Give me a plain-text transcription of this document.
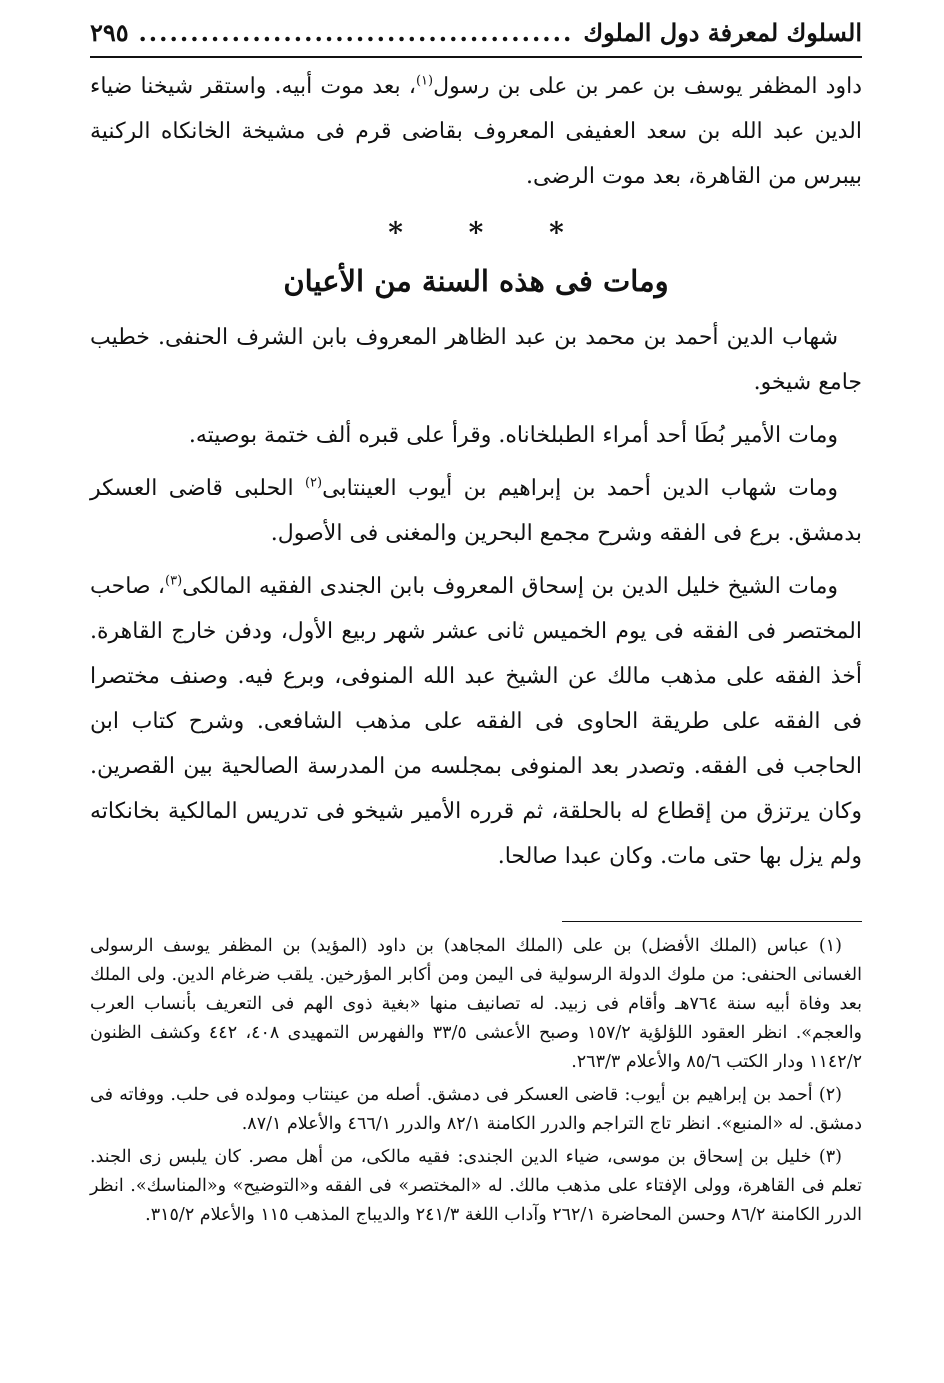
السلوك لمعرفة دول الملوك
.....
٢٩٥

داود المظفر يوسف بن عمر بن على بن رسول$^{(١)}$، بعد موت أبيه. واستقر شيخنا ضياء الدين عبد الله بن سعد العفيفى المعروف بقاضى قرم فى مشيخة الخانكاه الركنية بيبرس من القاهرة، بعد موت الرضى.

* * *
ومات فى هذه السنة من الأعيان

شهاب الدين أحمد بن محمد بن عبد الظاهر المعروف بابن الشرف الحنفى. خطيب جامع شيخو.

ومات الأمير بُطَا أحد أمراء الطبلخاناه. وقرأ على قبره ألف ختمة بوصيته.

ومات شهاب الدين أحمد بن إبراهيم بن أيوب العينتابى$^{(٢)}$ الحلبى قاضى العسكر بدمشق. برع فى الفقه وشرح مجمع البحرين والمغنى فى الأصول.

ومات الشيخ خليل الدين بن إسحاق المعروف بابن الجندى الفقيه المالكى$^{(٣)}$، صاحب المختصر فى الفقه فى يوم الخميس ثانى عشر شهر ربيع الأول، ودفن خارج القاهرة. أخذ الفقه على مذهب مالك عن الشيخ عبد الله المنوفى، وبرع فيه. وصنف مختصرا فى الفقه على طريقة الحاوى فى الفقه على مذهب الشافعى. وشرح كتاب ابن الحاجب فى الفقه. وتصدر بعد المنوفى بمجلسه من المدرسة الصالحية بين القصرين. وكان يرتزق من إقطاع له بالحلقة، ثم قرره الأمير شيخو فى تدريس المالكية بخانكاته ولم يزل بها حتى مات. وكان عبدا صالحا.

(١) عباس (الملك الأفضل) بن على (الملك المجاهد) بن داود (المؤيد) بن المظفر يوسف الرسولى الغسانى الحنفى: من ملوك الدولة الرسولية فى اليمن ومن أكابر المؤرخين. يلقب ضرغام الدين. ولى الملك بعد وفاة أبيه سنة ٧٦٤هـ وأقام فى زبيد. له تصانيف منها «بغية ذوى الهم فى التعريف بأنساب العرب والعجم». انظر العقود اللؤلؤية ١٥٧/٢ وصبح الأعشى ٣٣/٥ والفهرس التمهيدى ٤٠٨، ٤٤٢ وكشف الظنون ١١٤٢/٢ ودار الكتب ٨٥/٦ والأعلام ٢٦٣/٣.

(٢) أحمد بن إبراهيم بن أيوب: قاضى العسكر فى دمشق. أصله من عينتاب ومولده فى حلب. ووفاته فى دمشق. له «المنبع». انظر تاج التراجم والدرر الكامنة ٨٢/١ والدرر ٤٦٦/١ والأعلام ٨٧/١.

(٣) خليل بن إسحاق بن موسى، ضياء الدين الجندى: فقيه مالكى، من أهل مصر. كان يلبس زى الجند. تعلم فى القاهرة، وولى الإفتاء على مذهب مالك. له «المختصر» فى الفقه و«التوضيح» و«المناسك». انظر الدرر الكامنة ٨٦/٢ وحسن المحاضرة ٢٦٢/١ وآداب اللغة ٢٤١/٣ والديباج المذهب ١١٥ والأعلام ٣١٥/٢.
